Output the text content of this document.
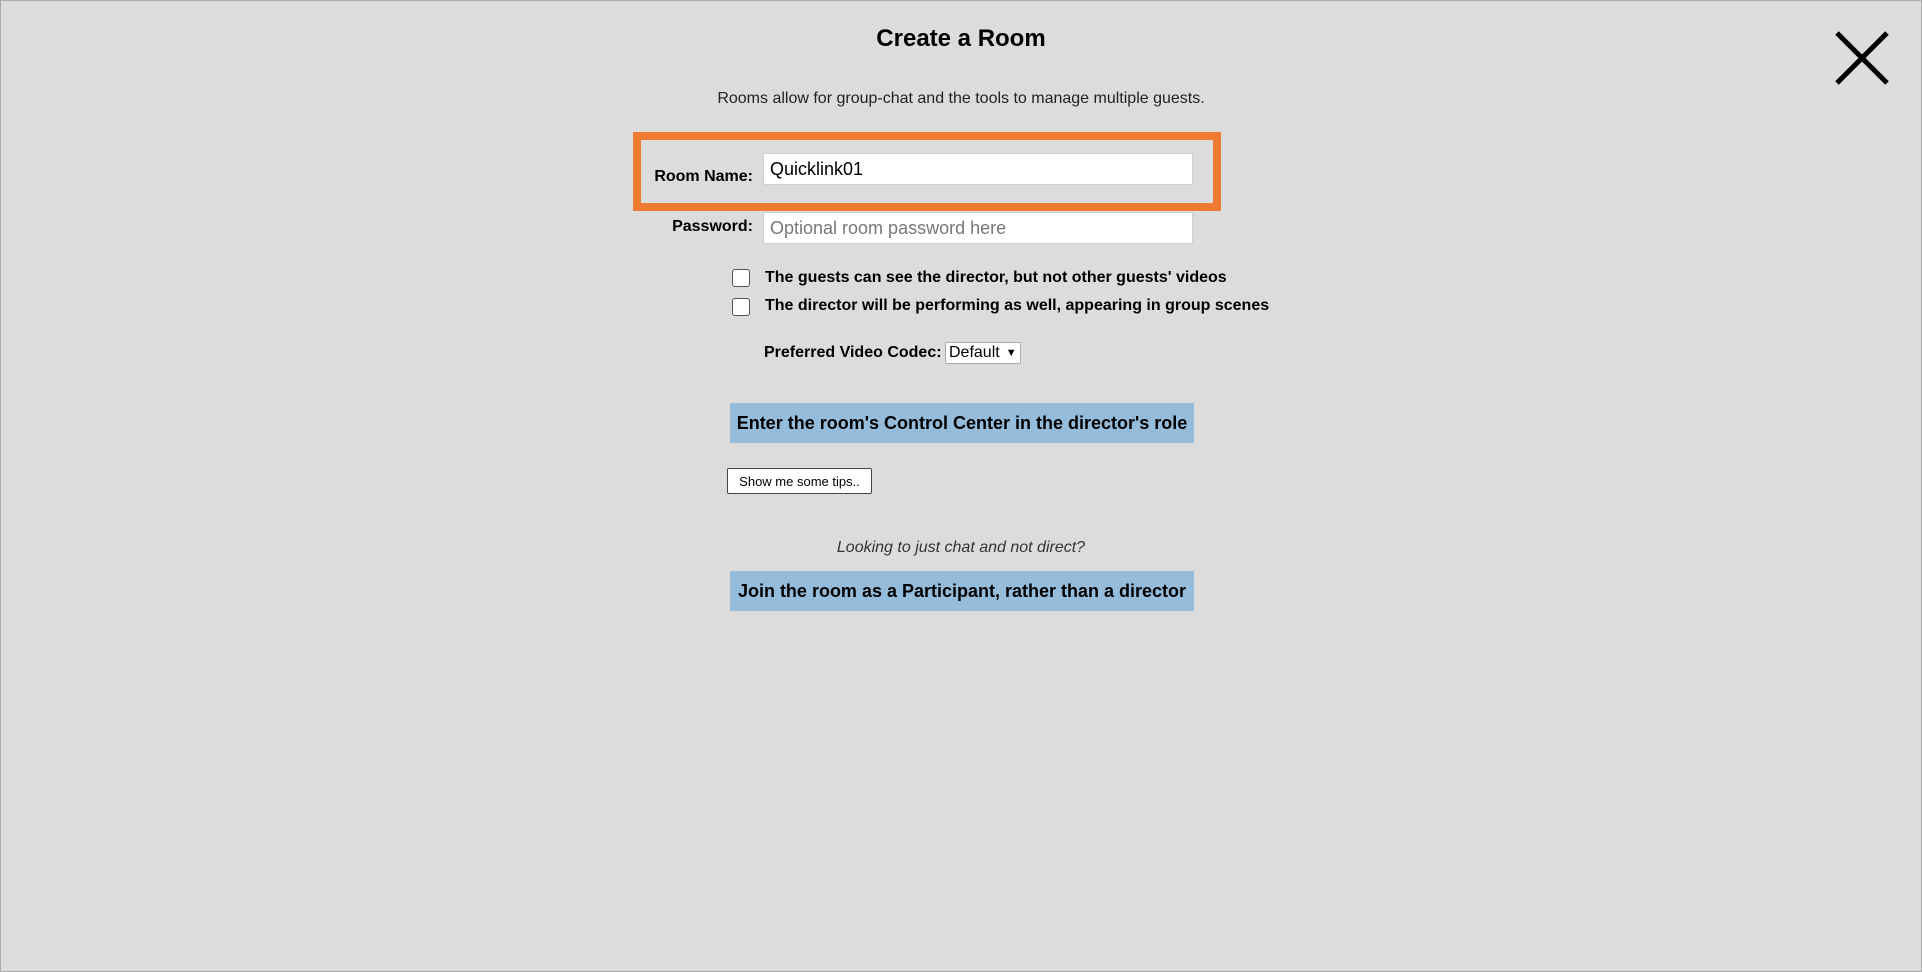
Create a Room
Rooms allow for group-chat and the tools to manage multiple guests.
Room Name:
Quicklink01
Password:
Optional room password here
The guests can see the director, but not other guests' videos
The director will be performing as well, appearing in group scenes
Preferred Video Codec: Default ▼
Enter the room's Control Center in the director's role
Show me some tips..
Looking to just chat and not direct?
Join the room as a Participant, rather than a director
